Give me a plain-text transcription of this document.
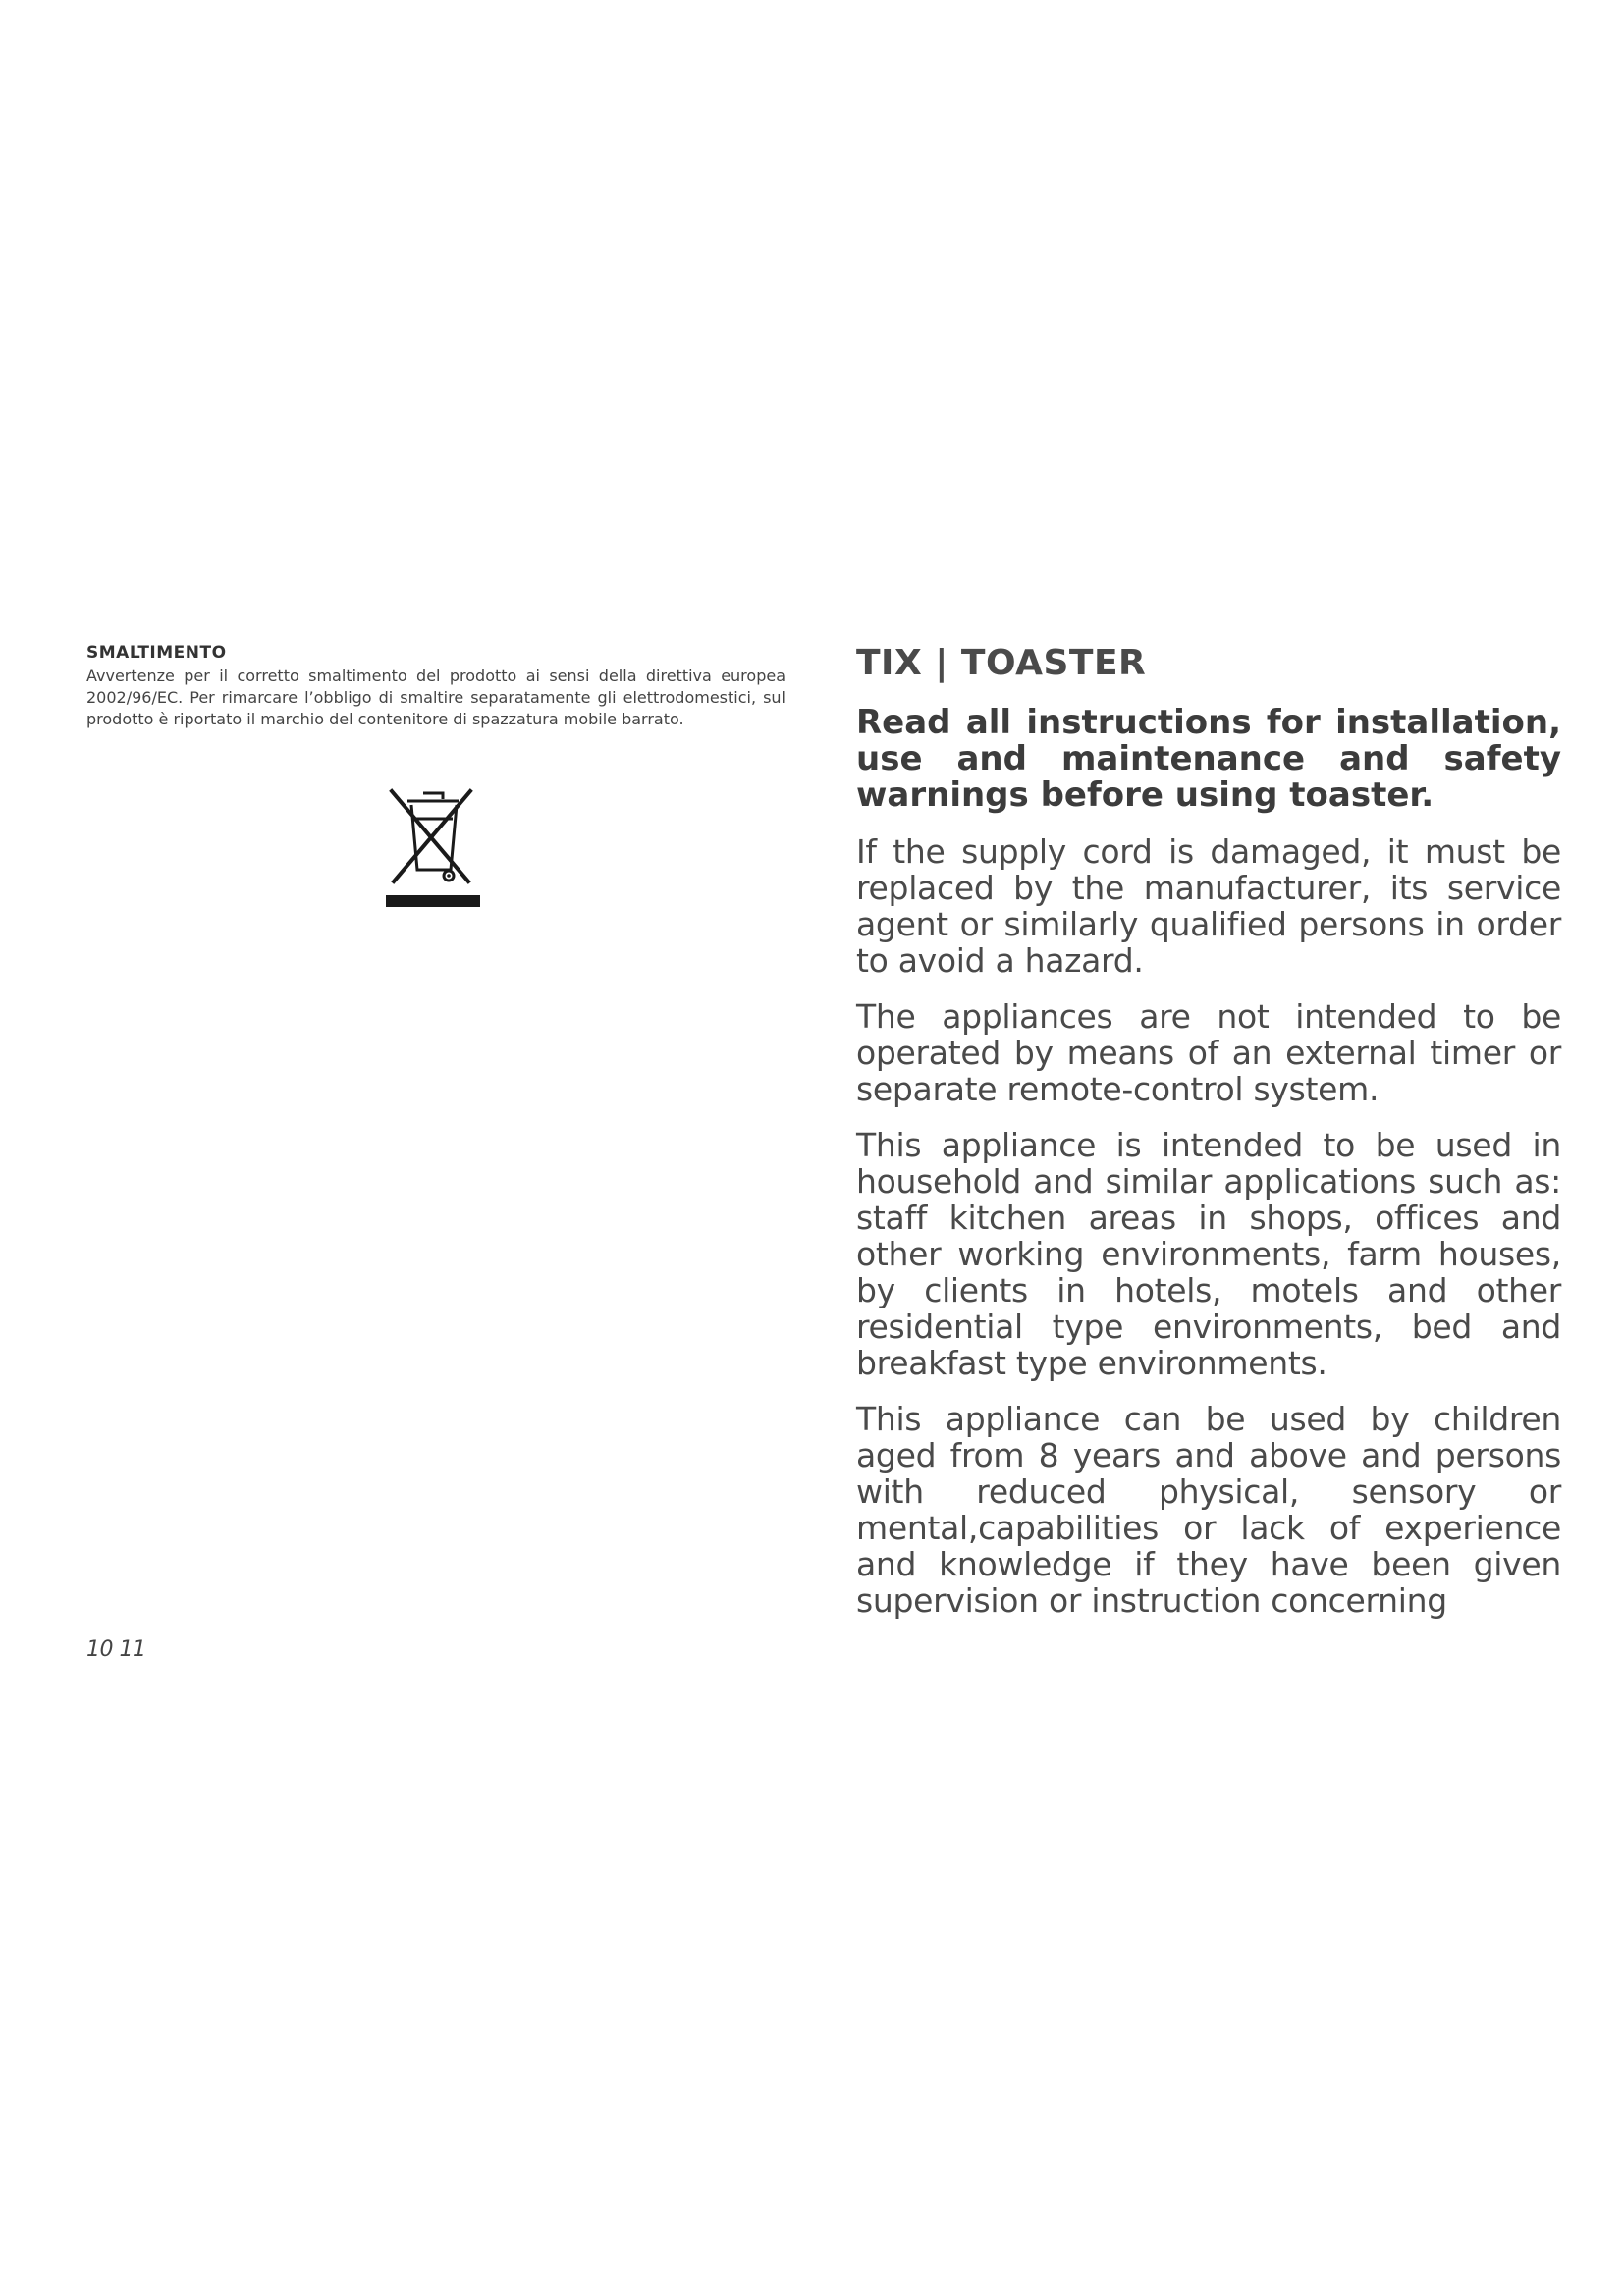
SMALTIMENTO

Avvertenze per il corretto smaltimento del prodotto ai sensi della direttiva europea 2002/96/EC. Per rimarcare l’obbligo di smaltire separatamente gli elettrodomestici, sul prodotto è riportato il marchio del contenitore di spazzatura mobile barrato.

TIX | TOASTER

Read all instructions for installation, use and maintenance and safety warnings before using toaster.

If the supply cord is damaged, it must be replaced by the manufacturer, its service agent or similarly qualified persons in order to avoid a hazard.

The appliances are not intended to be operated by means of an external timer or separate remote-control system.

This appliance is intended to be used in household and similar applications such as: staff kitchen areas in shops, offices and other working environments, farm houses, by clients in hotels, motels and other residential type environments, bed and breakfast type environments.

This appliance can be used by children aged from 8 years and above and persons with reduced physical, sensory or mental,capabilities or lack of experience and knowledge if they have been given supervision or instruction concerning

10 11
